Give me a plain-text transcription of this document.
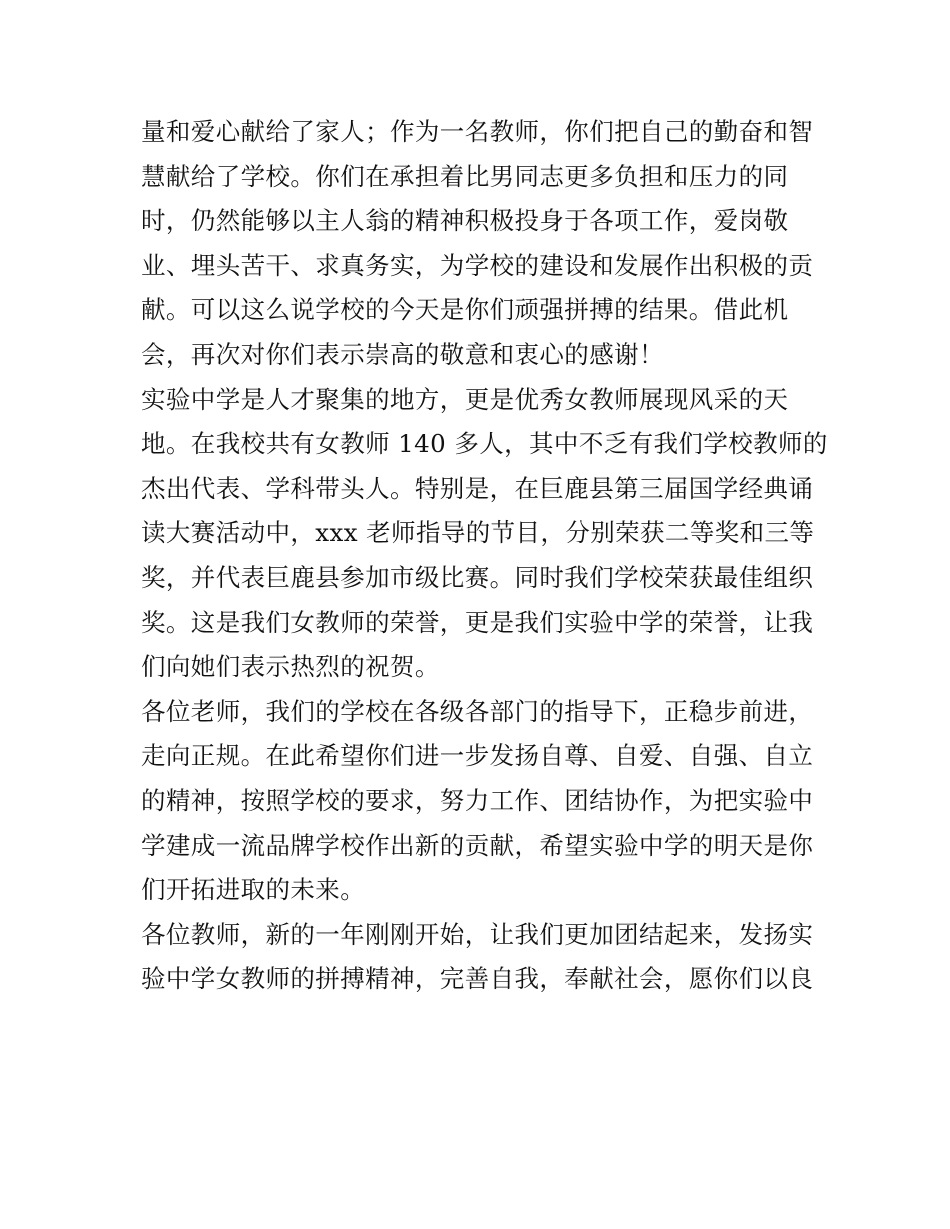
量和爱心献给了家人；作为一名教师，你们把自己的勤奋和智
慧献给了学校。你们在承担着比男同志更多负担和压力的同
时，仍然能够以主人翁的精神积极投身于各项工作，爱岗敬
业、埋头苦干、求真务实，为学校的建设和发展作出积极的贡
献。可以这么说学校的今天是你们顽强拼搏的结果。借此机
会，再次对你们表示崇高的敬意和衷心的感谢！
实验中学是人才聚集的地方，更是优秀女教师展现风采的天
地。在我校共有女教师 140 多人，其中不乏有我们学校教师的
杰出代表、学科带头人。特别是，在巨鹿县第三届国学经典诵
读大赛活动中，xxx 老师指导的节目，分别荣获二等奖和三等
奖，并代表巨鹿县参加市级比赛。同时我们学校荣获最佳组织
奖。这是我们女教师的荣誉，更是我们实验中学的荣誉，让我
们向她们表示热烈的祝贺。
各位老师，我们的学校在各级各部门的指导下，正稳步前进，
走向正规。在此希望你们进一步发扬自尊、自爱、自强、自立
的精神，按照学校的要求，努力工作、团结协作，为把实验中
学建成一流品牌学校作出新的贡献，希望实验中学的明天是你
们开拓进取的未来。
各位教师，新的一年刚刚开始，让我们更加团结起来，发扬实
验中学女教师的拼搏精神，完善自我，奉献社会，愿你们以良
